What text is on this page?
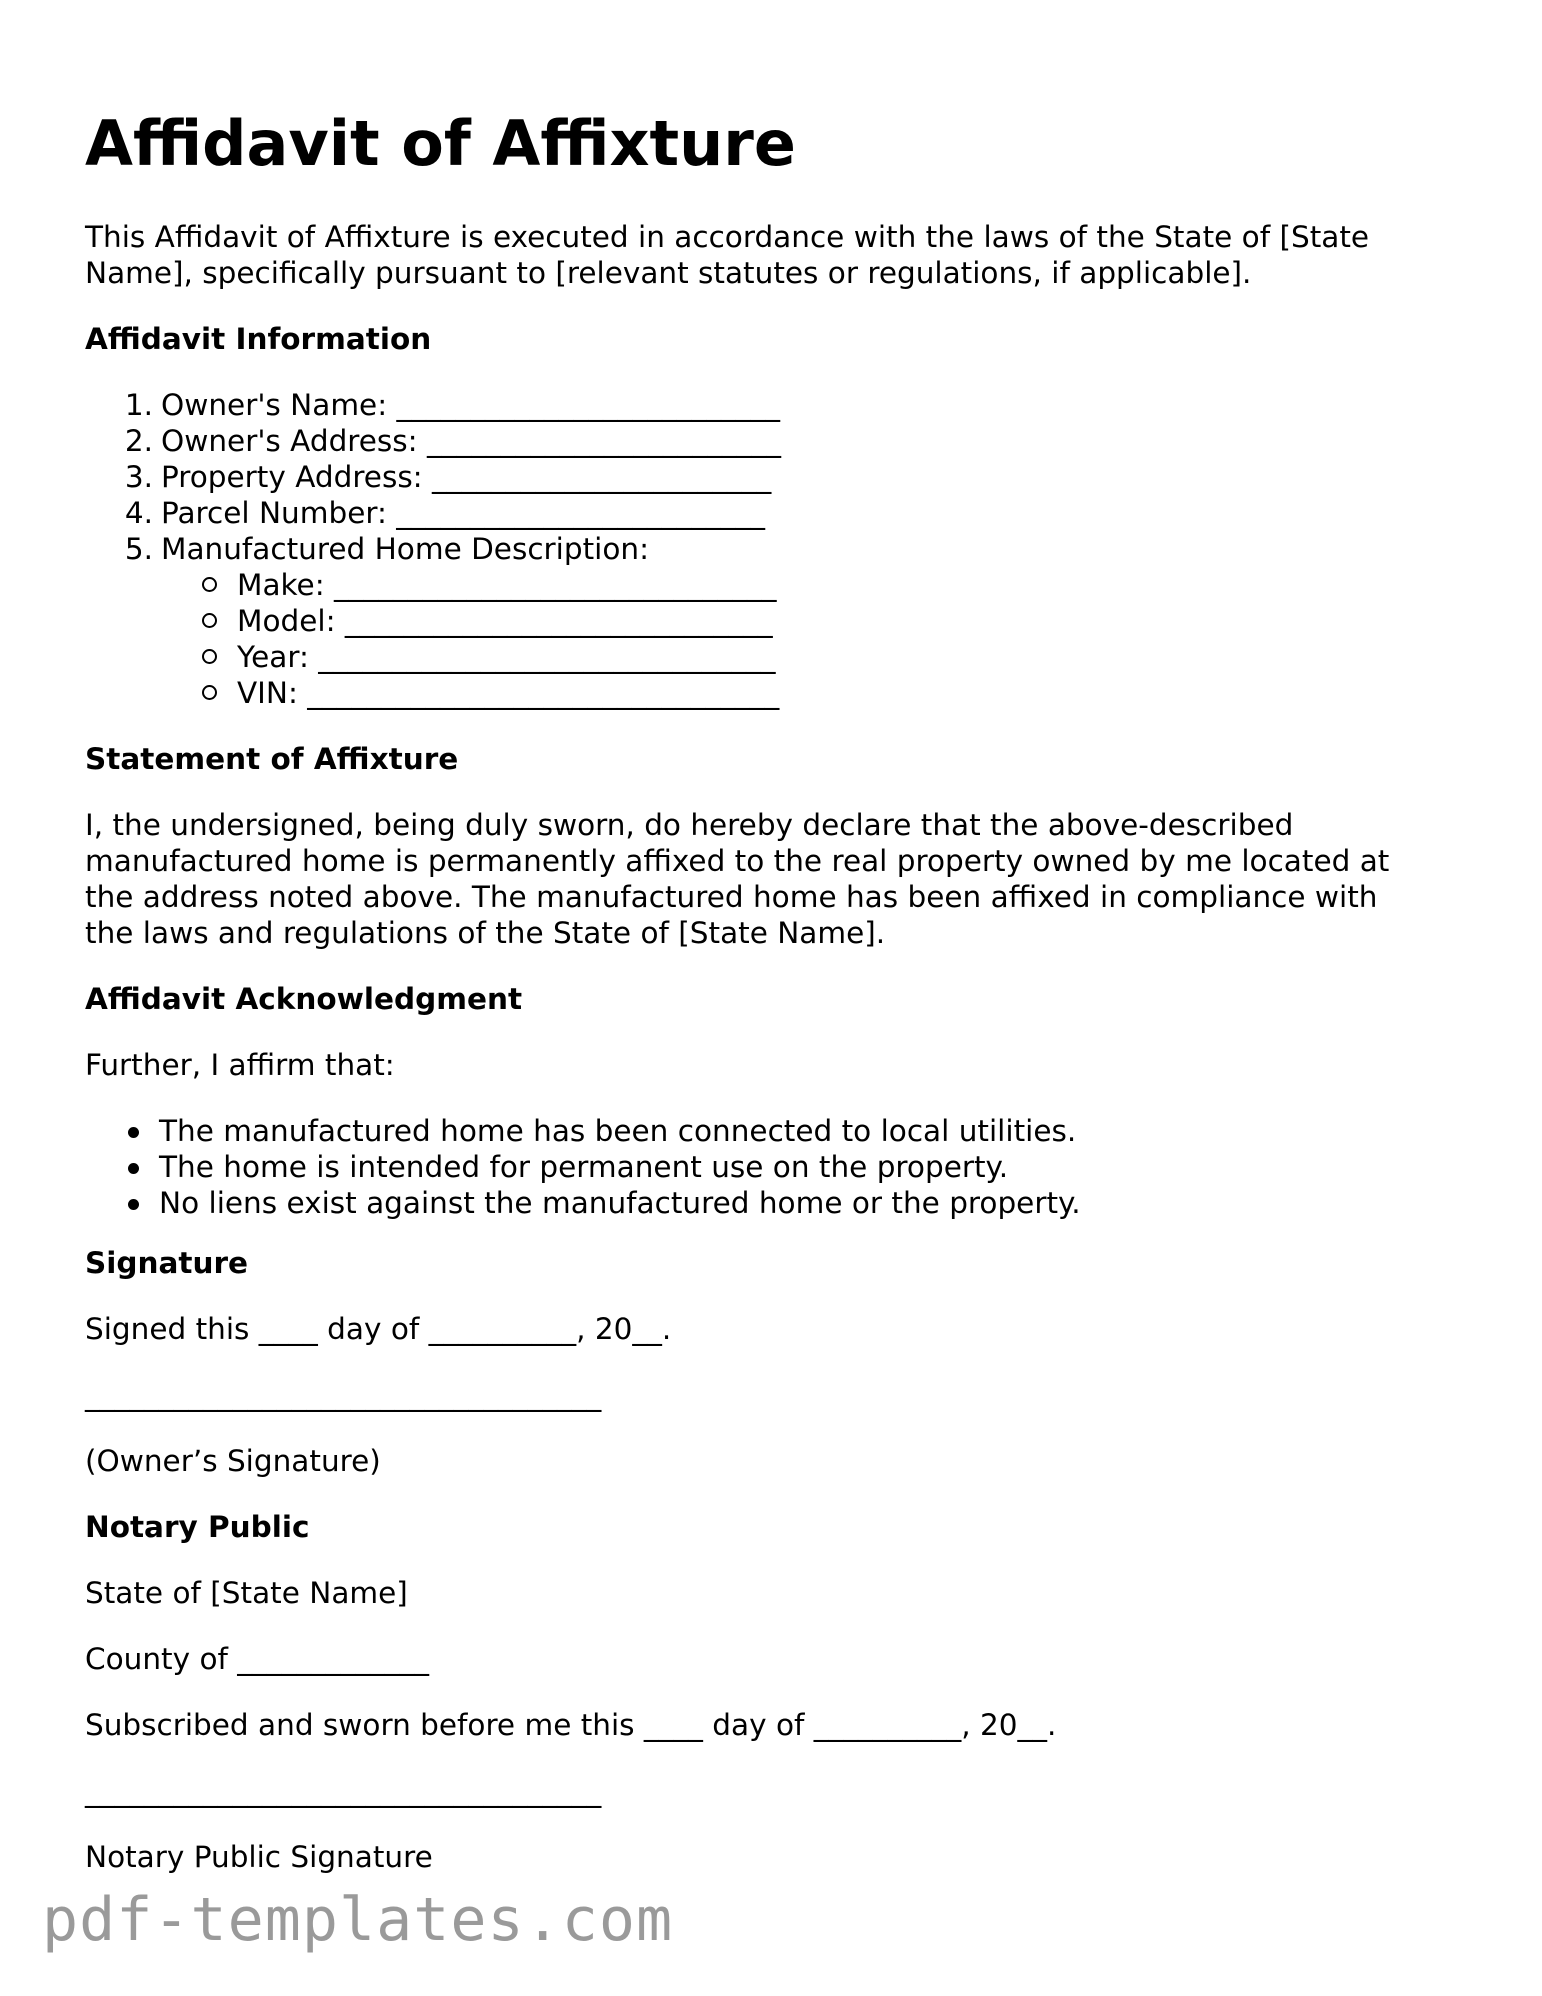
Affidavit of Affixture

This Affidavit of Affixture is executed in accordance with the laws of the State of [State

Name], specifically pursuant to [relevant statutes or regulations, if applicable].

Affidavit Information

1. Owner's Name: __________________________
2. Owner's Address: ________________________
3. Property Address: _______________________
4. Parcel Number: _________________________
5. Manufactured Home Description:
Make: ______________________________
Model: _____________________________
Year: _______________________________
VIN: ________________________________

Statement of Affixture

I, the undersigned, being duly sworn, do hereby declare that the above-described

manufactured home is permanently affixed to the real property owned by me located at

the address noted above. The manufactured home has been affixed in compliance with

the laws and regulations of the State of [State Name].

Affidavit Acknowledgment

Further, I affirm that:

The manufactured home has been connected to local utilities.
The home is intended for permanent use on the property.
No liens exist against the manufactured home or the property.

Signature

Signed this ____ day of __________, 20__.

___________________________________

(Owner’s Signature)

Notary Public

State of [State Name]

County of _____________

Subscribed and sworn before me this ____ day of __________, 20__.

___________________________________

Notary Public Signature

pdf-templates.com
